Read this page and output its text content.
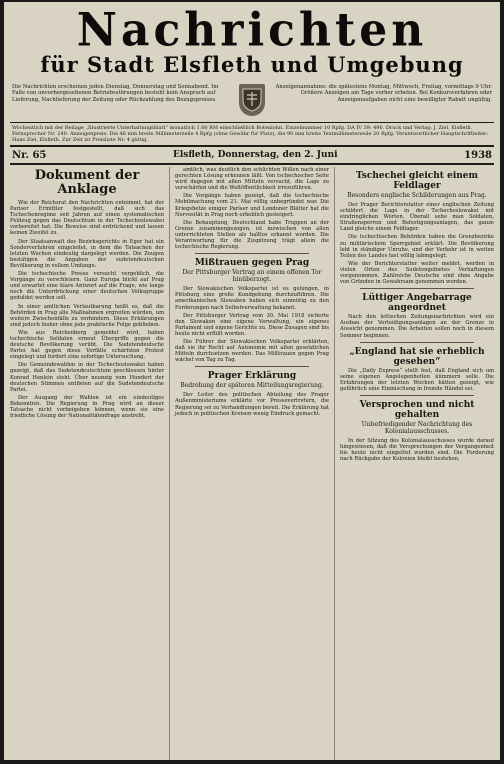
Nachrichten
für Stadt Elsfleth und Umgebung
Die Nachrichten erscheinen jeden Dienstag, Donnerstag und Sonnabend. Im Falle von unvorhergesehenen Betriebsstörungen besteht kein Anspruch auf Lieferung, Nachlieferung der Zeitung oder Rückzahlung des Bezugspreises.
Anzeigenannahme: die spätestens Montag, Mittwoch, Freitag, vormittags 9 Uhr. Größere Anzeigen am Tage vorher erbeten. Bei Konkursverfahren oder Anzeigenaufgaben nicht eine bewilligter Rabatt ungültig.
Wöchentlich mit der Beilage „Illustrierte Unterhaltungsblatt“ monatlich 1.00 RM einschließlich Botenlohn. Einzelnummer 10 Rpfg. DA IV 39: 496. Druck und Verlag: J. Ziel, Elsfleth. Fernsprecher Nr. 240. Anzeigenpreis: Die 46 mm breite Millimeterzeile 4 Rpfg (ohne Gewähr für Platz), die 90 mm breite Textmillimeterzeile 20 Rpfg. Verantwortlicher Hauptschriftleiter: Hans Ziel, Elsfleth. Zur Zeit ist Preisliste Nr. 4 gültig.
Nr. 65	Elsfleth, Donnerstag, den 2. Juni	1938
Dokument der Anklage

Wie der Reichsrat den Nachrichten entnimmt, hat der Pariser Ermittler festgestellt, daß sich das Tschechenregime seit Jahren auf einen systematischen Feldzug gegen das Deutschtum in der Tschechoslowakei vorbereitet hat. Die Beweise sind erdrückend und lassen keinen Zweifel zu.

Der Staatsanwalt des Bezirksgerichts in Eger hat ein Sonderverfahren eingeleitet, in dem die Tatsachen der letzten Wochen eindeutig dargelegt werden. Die Zeugen bestätigen die Angaben der sudetendeutschen Bevölkerung in vollem Umfange.

Die tschechische Presse versucht vergeblich, die Vorgänge zu verschleiern. Ganz Europa blickt auf Prag und erwartet eine klare Antwort auf die Frage, wie lange noch die Unterdrückung einer deutschen Volksgruppe geduldet werden soll.

In einer amtlichen Verlautbarung heißt es, daß die Behörden in Prag alle Maßnahmen ergreifen würden, um weitere Zwischenfälle zu verhindern. Diese Erklärungen sind jedoch bisher ohne jede praktische Folge geblieben.

Wie aus Reichenberg gemeldet wird, haben tschechische Soldaten erneut Übergriffe gegen die deutsche Bevölkerung verübt. Die Sudetendeutsche Partei hat gegen diese Vorfälle schärfsten Protest eingelegt und fordert eine sofortige Untersuchung.

Die Gemeindewahlen in der Tschechoslowakei haben gezeigt, daß das Sudetendeutschtum geschlossen hinter Konrad Henlein steht. Über neunzig vom Hundert der deutschen Stimmen entfielen auf die Sudetendeutsche Partei.

Der Ausgang der Wahlen ist ein eindeutiges Bekenntnis. Die Regierung in Prag wird an dieser Tatsache nicht vorbeigehen können, wenn sie eine friedliche Lösung der Nationalitätenfrage anstrebt.

amtlich, was deutlich den schlichten Willen nach einer gerechten Lösung erkennen läßt. Von tschechischer Seite wird dagegen mit allen Mitteln versucht, die Lage zu verschärfen und die Weltöffentlichkeit irrezuführen.

Die Vorgänge haben gezeigt, daß die tschechische Mobilmachung vom 21. Mai völlig unbegründet war. Die Kriegshetze einiger Pariser und Londoner Blätter hat die Nervosität in Prag noch erheblich gesteigert.

Die Behauptung, Deutschland habe Truppen an der Grenze zusammengezogen, ist inzwischen von allen unterrichteten Stellen als haltlos erkannt worden. Die Verantwortung für die Zuspitzung trägt allein die tschechische Regierung.

Mißtrauen gegen Prag
Der Pittsburger Vertrag an einem offenen Tor hinüberzogt.

Der Slowakischen Volkspartei ist es gelungen, in Pittsburg eine große Kundgebung durchzuführen. Die amerikanischen Slowaken haben sich einmütig zu den Forderungen nach Selbstverwaltung bekannt.

Der Pittsburger Vertrag vom 30. Mai 1918 sicherte den Slowaken eine eigene Verwaltung, ein eigenes Parlament und eigene Gerichte zu. Diese Zusagen sind bis heute nicht erfüllt worden.

Die Führer der Slowakischen Volkspartei erklärten, daß sie ihr Recht auf Autonomie mit allen gesetzlichen Mitteln durchsetzen werden. Das Mißtrauen gegen Prag wächst von Tag zu Tag.

Prager Erklärung
Bedrohung der späteren Mitteilungsregierung.

Der Leiter des politischen Abteilung des Prager Außenministeriums erklärte vor Pressevertretern, die Regierung sei zu Verhandlungen bereit. Die Erklärung hat jedoch in politischen Kreisen wenig Eindruck gemacht.

Tschechei gleicht einem Feldlager
Besonders englische Schilderungen aus Prag.

Der Prager Berichterstatter einer englischen Zeitung schildert die Lage in der Tschechoslowakei mit eindringlichen Worten. Überall sehe man Soldaten, Straßensperren und Befestigungsanlagen, das ganze Land gleiche einem Feldlager.

Die tschechischen Behörden haben die Grenzbezirke zu militärischem Sperrgebiet erklärt. Die Bevölkerung lebt in ständiger Unruhe, und der Verkehr ist in weiten Teilen des Landes fast völlig lahmgelegt.

Wie der Berichterstatter weiter meldet, werden in vielen Orten des Sudetengebietes Verhaftungen vorgenommen. Zahlreiche Deutsche sind ohne Angabe von Gründen in Gewahrsam genommen worden.

Lüttiger Angebarrage angeordnet

Nach den lettischen Zeitungsnachrichten wird ein Ausbau der Verteidigungsanlagen an der Grenze in Aussicht genommen. Die Arbeiten sollen noch in diesem Sommer beginnen.

„England hat sie erheblich gesehen“

Die „Daily Express“ stellt fest, daß England sich um seine eigenen Angelegenheiten kümmern solle. Die Erfahrungen der letzten Wochen hätten gezeigt, wie gefährlich eine Einmischung in fremde Händel sei.

Versprochen und nicht gehalten
Unbefriedigender Nachrichtung des Kolonialausschusses.

In der Sitzung des Kolonialausschusses wurde darauf hingewiesen, daß die Versprechungen der Vergangenheit bis heute nicht eingelöst worden sind. Die Forderung nach Rückgabe der Kolonien bleibt bestehen.
